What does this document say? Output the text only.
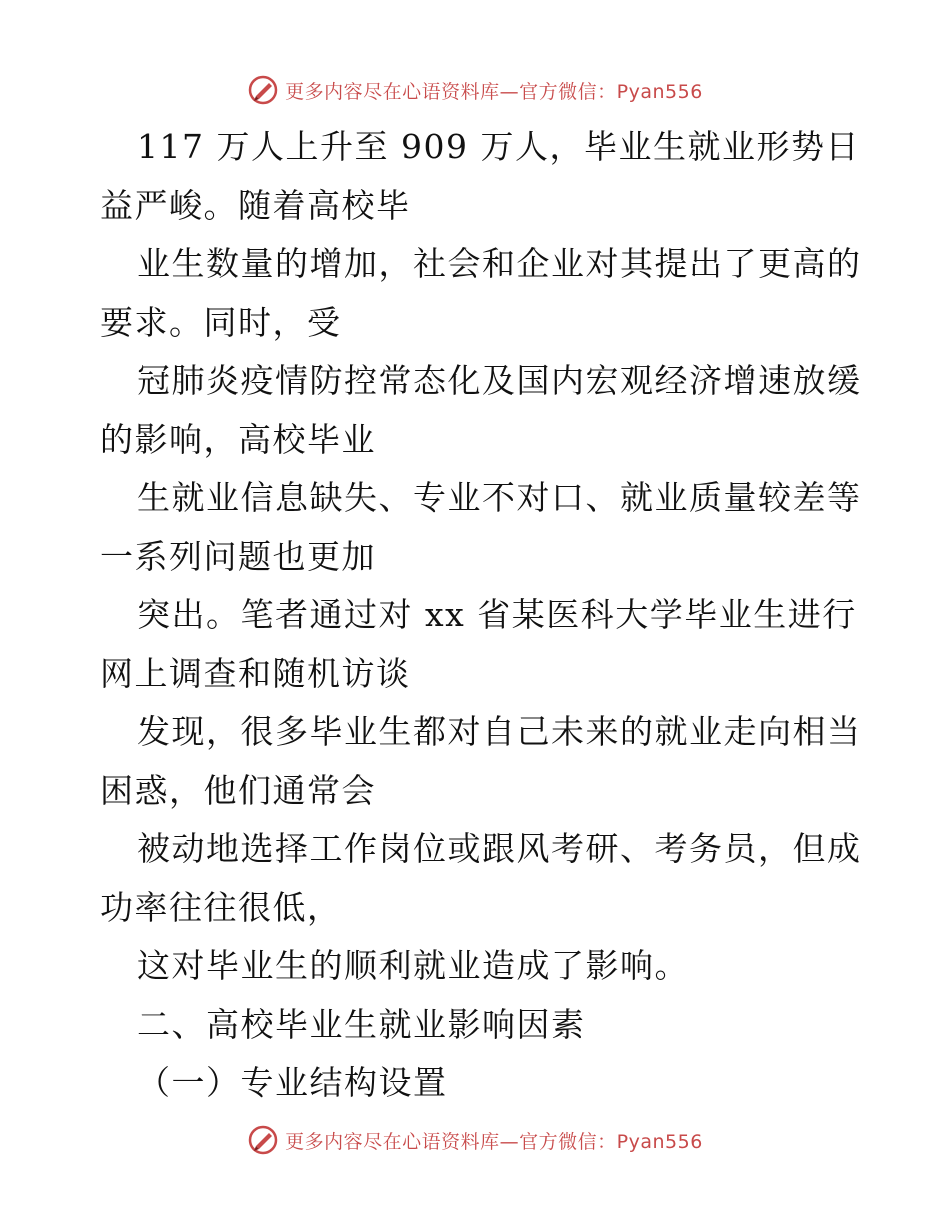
更多内容尽在心语资料库—官方微信：Pyan556
117 万人上升至 909 万人，毕业生就业形势日
益严峻。随着高校毕
业生数量的增加，社会和企业对其提出了更高的
要求。同时，受
冠肺炎疫情防控常态化及国内宏观经济增速放缓
的影响，高校毕业
生就业信息缺失、专业不对口、就业质量较差等
一系列问题也更加
突出。笔者通过对 xx 省某医科大学毕业生进行
网上调查和随机访谈
发现，很多毕业生都对自己未来的就业走向相当
困惑，他们通常会
被动地选择工作岗位或跟风考研、考务员，但成
功率往往很低，
这对毕业生的顺利就业造成了影响。
二、高校毕业生就业影响因素
（一）专业结构设置
更多内容尽在心语资料库—官方微信：Pyan556
